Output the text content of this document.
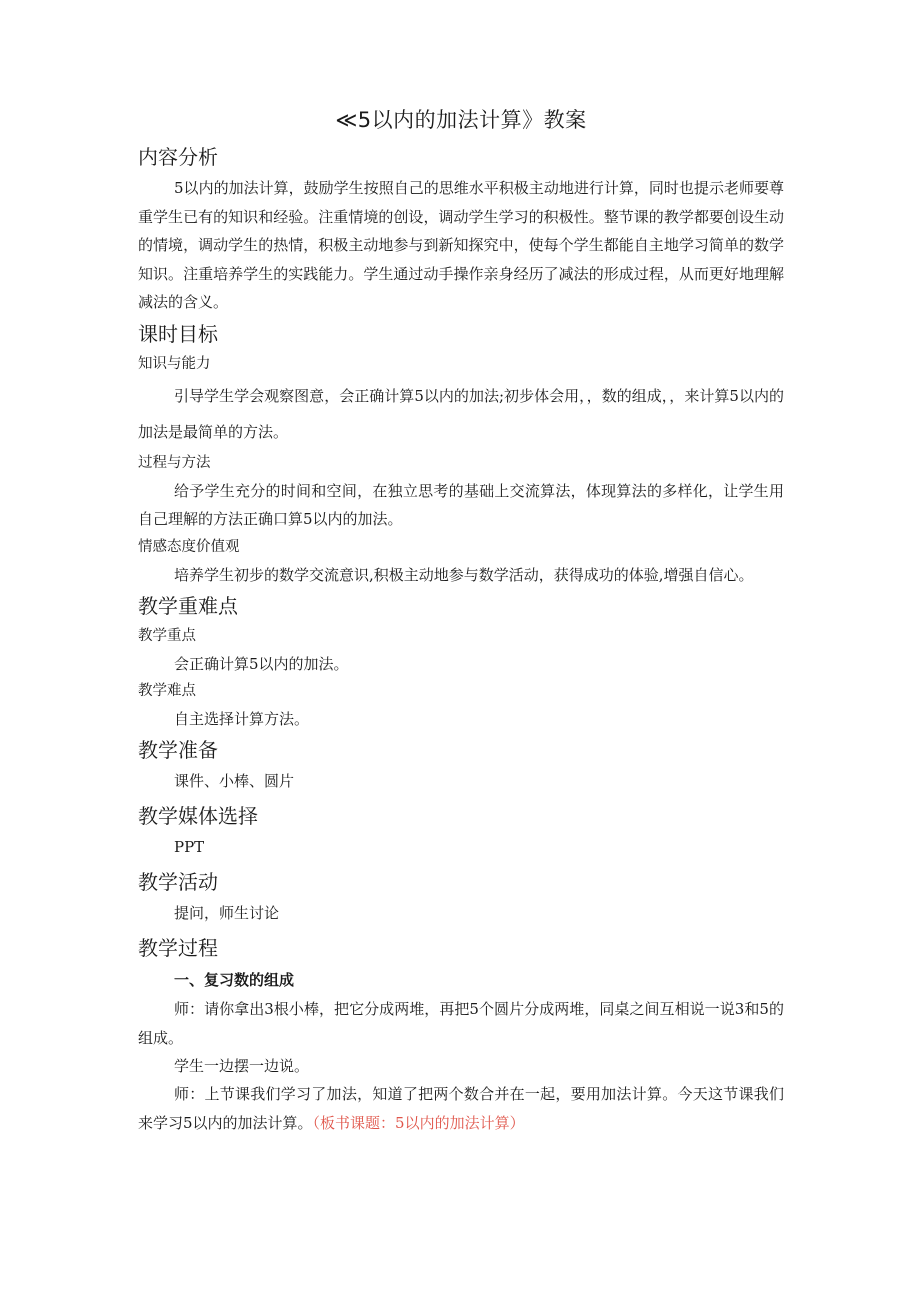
≪5以内的加法计算》教案
内容分析

5以内的加法计算，鼓励学生按照自己的思维水平积极主动地进行计算，同时也提示老师要尊重学生已有的知识和经验。注重情境的创设，调动学生学习的积极性。整节课的教学都要创设生动的情境，调动学生的热情，积极主动地参与到新知探究中，使每个学生都能自主地学习简单的数学知识。注重培养学生的实践能力。学生通过动手操作亲身经历了减法的形成过程，从而更好地理解减法的含义。

课时目标

知识与能力

引导学生学会观察图意，会正确计算5以内的加法;初步体会用，，数的组成，，来计算5以内的加法是最简单的方法。

过程与方法

给予学生充分的时间和空间，在独立思考的基础上交流算法，体现算法的多样化，让学生用自己理解的方法正确口算5以内的加法。

情感态度价值观

培养学生初步的数学交流意识,积极主动地参与数学活动，获得成功的体验,增强自信心。

教学重难点

教学重点

会正确计算5以内的加法。

教学难点

自主选择计算方法。

教学准备

课件、小棒、圆片

教学媒体选择

PPT

教学活动

提问，师生讨论

教学过程

一、复习数的组成

师：请你拿出3根小棒，把它分成两堆，再把5个圆片分成两堆，同桌之间互相说一说3和5的组成。

学生一边摆一边说。

师：上节课我们学习了加法，知道了把两个数合并在一起，要用加法计算。今天这节课我们来学习5以内的加法计算。（板书课题：5以内的加法计算）
